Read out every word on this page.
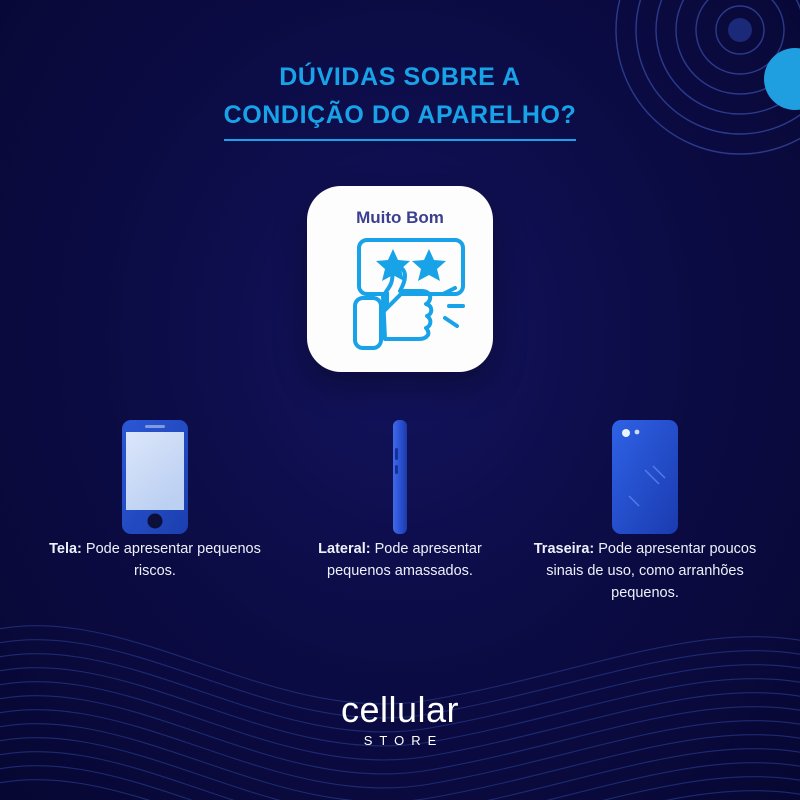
DÚVIDAS SOBRE A
CONDIÇÃO DO APARELHO?
Muito Bom
Tela: Pode apresentar pequenos riscos.
Lateral: Pode apresentar pequenos amassados.
Traseira: Pode apresentar poucos sinais de uso, como arranhões pequenos.
cellular
STORE
